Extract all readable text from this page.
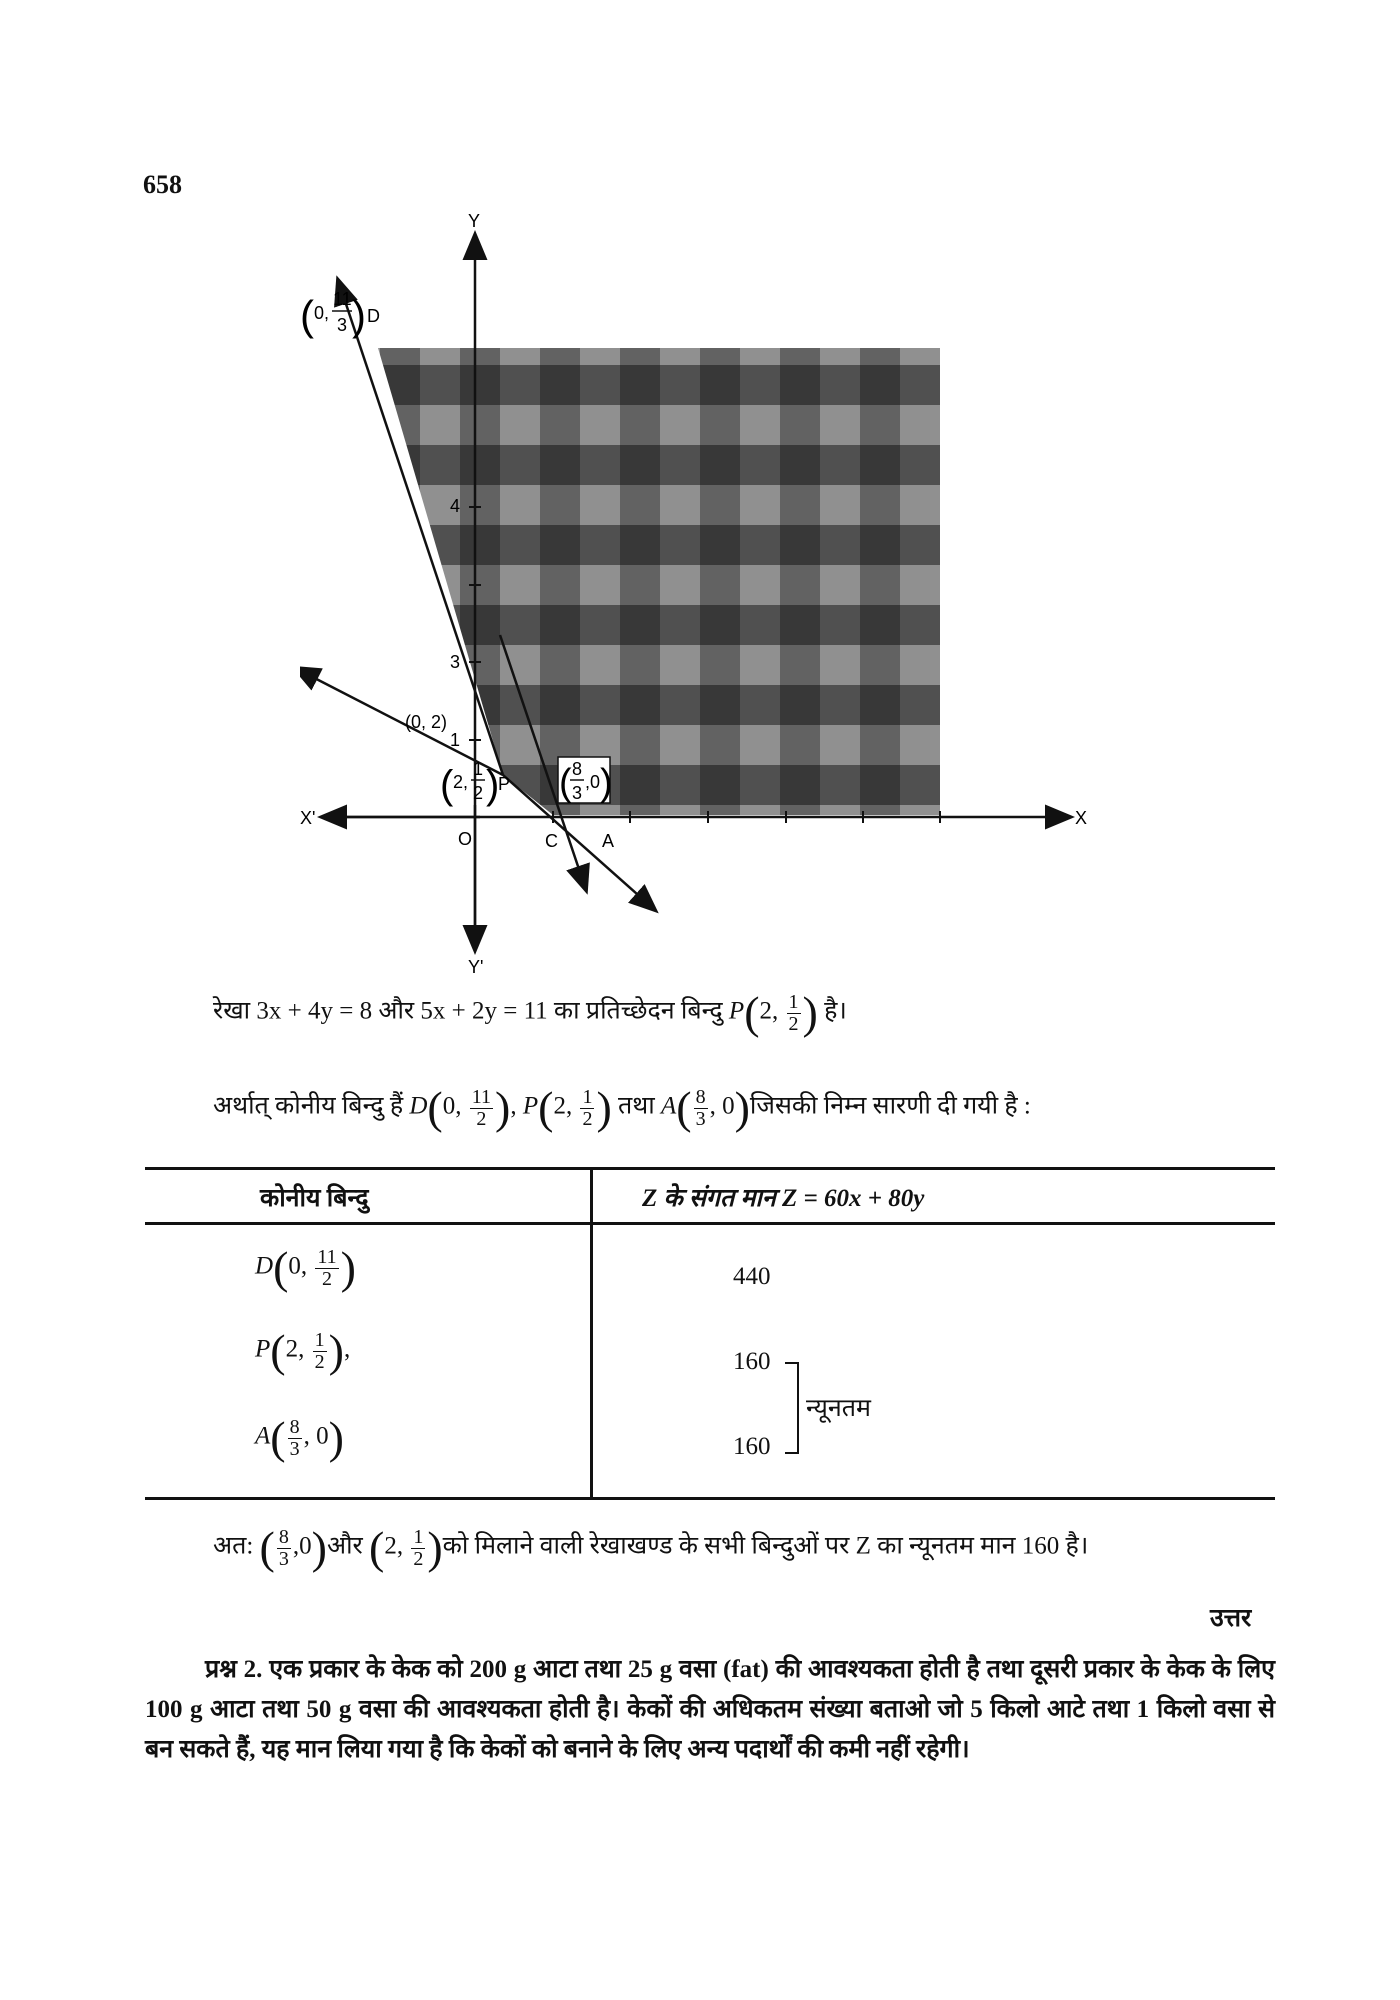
658
Y
Y'
X
X'
O
1
3
4
(0, 2)
C A
( 0,
11
3 ) D
( 2,
1
2 )
P ( 8
3
,0 )
रेखा 3x + 4y = 8 और 5x + 2y = 11 का प्रतिच्छेदन बिन्दु P(2, $\frac{1}{2}$ ) है।
अर्थात् कोनीय बिन्दु हैं D(0, $\frac{11}{2}$ ), P(2, $\frac{1}{2}$ ) तथा $A( \frac{8}{3}$ , 0)जिसकी निम्न सारणी दी गयी है :
कोनीय बिन्दु	Z के संगत मान Z = 60x + 80y
D(0, $\frac{11}{2}$ )	440
P(2, $\frac{1}{2}$ ),	160
$A( \frac{8}{3}$ , 0)	160
न्यूनतम
अत: ( $\frac{8}{3}$ ,0)और (2, $\frac{1}{2}$ )को मिलाने वाली रेखाखण्ड के सभी बिन्दुओं पर Z का न्यूनतम मान 160 है।
उत्तर
प्रश्न 2. एक प्रकार के केक को 200 g आटा तथा 25 g वसा (fat) की आवश्यकता होती है तथा दूसरी प्रकार के केक के लिए 100 g आटा तथा 50 g वसा की आवश्यकता होती है। केकों की अधिकतम संख्या बताओ जो 5 किलो आटे तथा 1 किलो वसा से बन सकते हैं, यह मान लिया गया है कि केकों को बनाने के लिए अन्य पदार्थों की कमी नहीं रहेगी।
